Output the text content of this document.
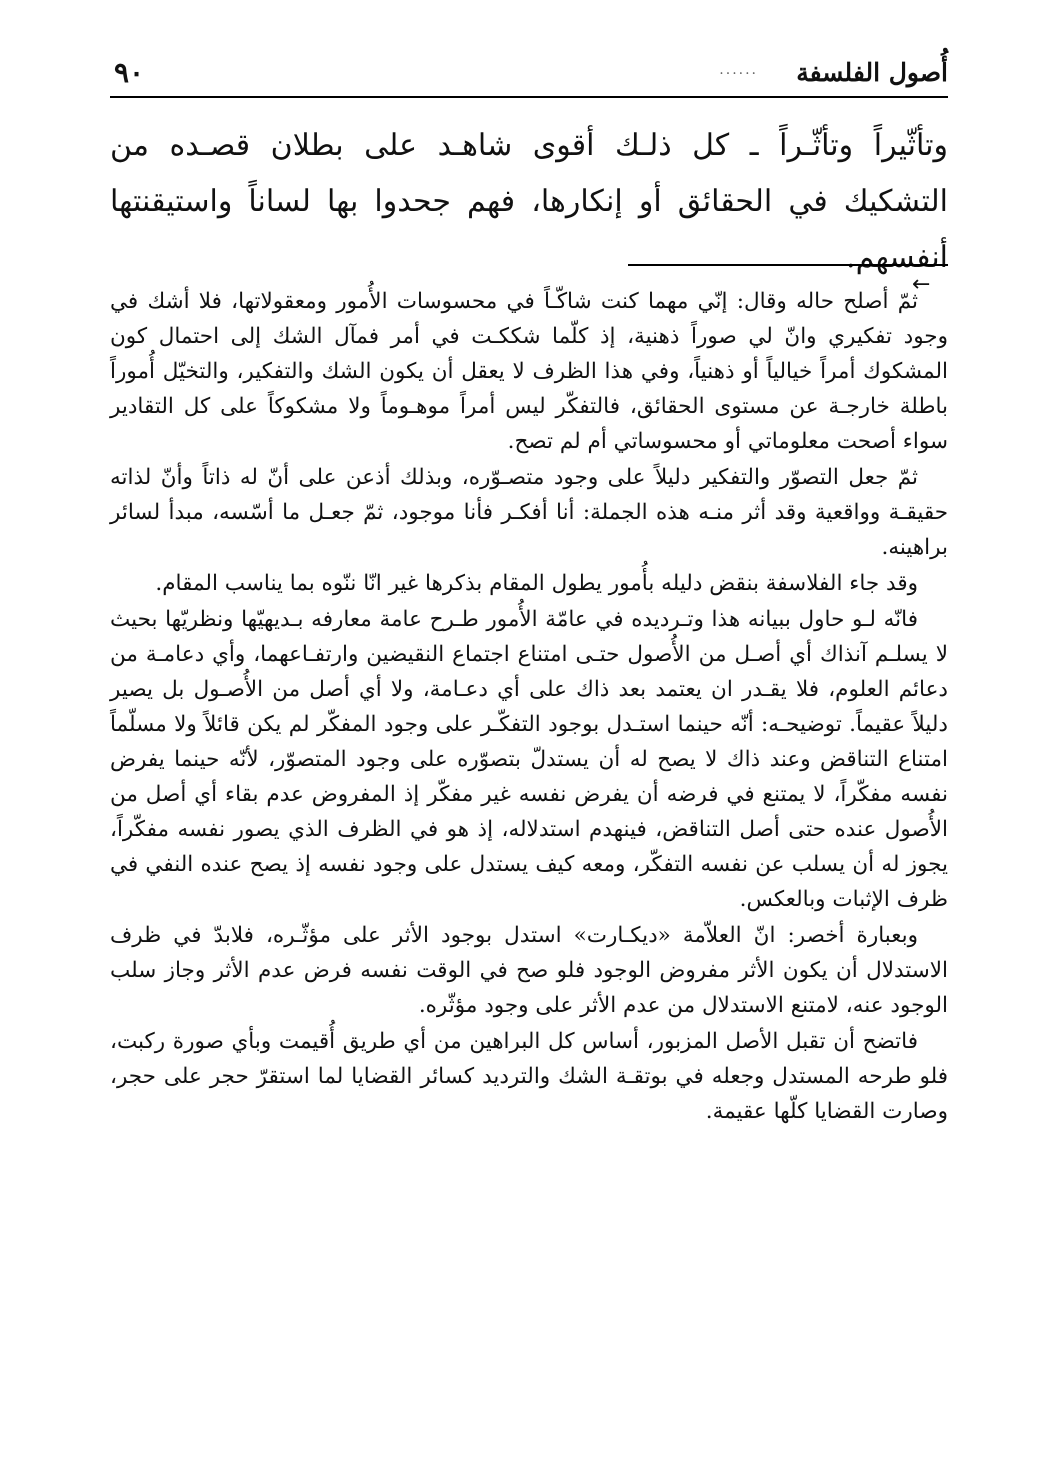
أُصول الفلسفة
......
٩٠

وتأثّيراً وتأثّـراً ـ كل ذلـك أقوى شاهـد على بطلان قصـده من التشكيك في الحقائق أو إنكارها، فهم جحدوا بها لساناً واستيقنتها أنفسهم.

←

ثمّ أصلح حاله وقال: إنّي مهما كنت شاكّـاً في محسوسات الأُمور ومعقولاتها، فلا أشك في وجود تفكيري وانّ لي صوراً ذهنية، إذ كلّما شككـت في أمر فمآل الشك إلى احتمال كون المشكوك أمراً خيالياً أو ذهنياً، وفي هذا الظرف لا يعقل أن يكون الشك والتفكير، والتخيّل أُموراً باطلة خارجـة عن مستوى الحقائق، فالتفكّر ليس أمراً موهـوماً ولا مشكوكاً على كل التقادير سواء أصحت معلوماتي أو محسوساتي أم لم تصح.

ثمّ جعل التصوّر والتفكير دليلاً على وجود متصـوّره، وبذلك أذعن على أنّ له ذاتاً وأنّ لذاته حقيقـة وواقعية وقد أثر منـه هذه الجملة: أنا أفكـر فأنا موجود، ثمّ جعـل ما أسّسه، مبدأ لسائر براهينه.

وقد جاء الفلاسفة بنقض دليله بأُمور يطول المقام بذكرها غير انّا ننّوه بما يناسب المقام.

فانّه لـو حاول ببيانه هذا وتـرديده في عامّة الأُمور طـرح عامة معارفه بـديهيّها ونظريّها بحيث لا يسلـم آنذاك أي أصـل من الأُصول حتـى امتناع اجتماع النقيضين وارتفـاعهما، وأي دعامـة من دعائم العلوم، فلا يقـدر ان يعتمد بعد ذاك على أي دعـامة، ولا أي أصل من الأُصـول بل يصير دليلاً عقيماً. توضيحـه: أنّه حينما استـدل بوجود التفكّـر على وجود المفكّر لم يكن قائلاً ولا مسلّماً امتناع التناقض وعند ذاك لا يصح له أن يستدلّ بتصوّره على وجود المتصوّر، لأنّه حينما يفرض نفسه مفكّراً، لا يمتنع في فرضه أن يفرض نفسه غير مفكّر إذ المفروض عدم بقاء أي أصل من الأُصول عنده حتى أصل التناقض، فينهدم استدلاله، إذ هو في الظرف الذي يصور نفسه مفكّراً، يجوز له أن يسلب عن نفسه التفكّر، ومعه كيف يستدل على وجود نفسه إذ يصح عنده النفي في ظرف الإثبات وبالعكس.

وبعبارة أخصر: انّ العلاّمة «ديكـارت» استدل بوجود الأثر على مؤثّـره، فلابدّ في ظرف الاستدلال أن يكون الأثر مفروض الوجود فلو صح في الوقت نفسه فرض عدم الأثر وجاز سلب الوجود عنه، لامتنع الاستدلال من عدم الأثر على وجود مؤثّره.

فاتضح أن تقبل الأصل المزبور، أساس كل البراهين من أي طريق أُقيمت وبأي صورة ركبت، فلو طرحه المستدل وجعله في بوتقـة الشك والترديد كسائر القضايا لما استقرّ حجر على حجر، وصارت القضايا كلّها عقيمة.
